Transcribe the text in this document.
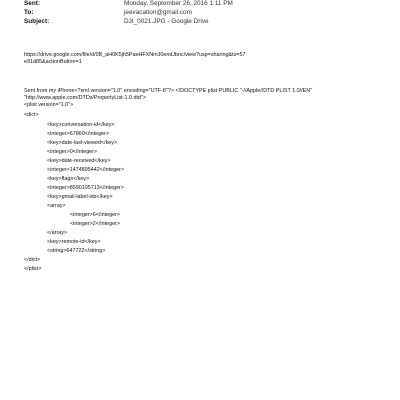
Sent:	Monday, September 26, 2016 1:11 PM
To:	jeevacation@gmail.com
Subject:	DJI_0021.JPG - Google Drive
https://drive.google.com/file/d/0B_aH0K5jh5PaeHFXNmJ0endJbnc/view?usp=sharing&ts=57
e91d85&actionButton=1
Sent from my iPhone<?xml version="1.0" encoding="UTF-8"?> <!DOCTYPE plist PUBLIC "-//Apple//DTD PLIST 1.0//EN"
"http://www.apple.com/DTDs/PropertyList-1.0.dtd">
<plist version="1.0">
<dict>
<key>conversation-id</key>
<integer>67860</integer>
<key>date-last-viewed</key>
<integer>0</integer>
<key>date-received</key>
<integer>1474895442</integer>
<key>flags</key>
<integer>8590195713</integer>
<key>gmail-label-ids</key>
<array>
<integer>6</integer>
<integer>2</integer>
</array>
<key>remote-id</key>
<string>647722</string>
</dict>
</plist>
